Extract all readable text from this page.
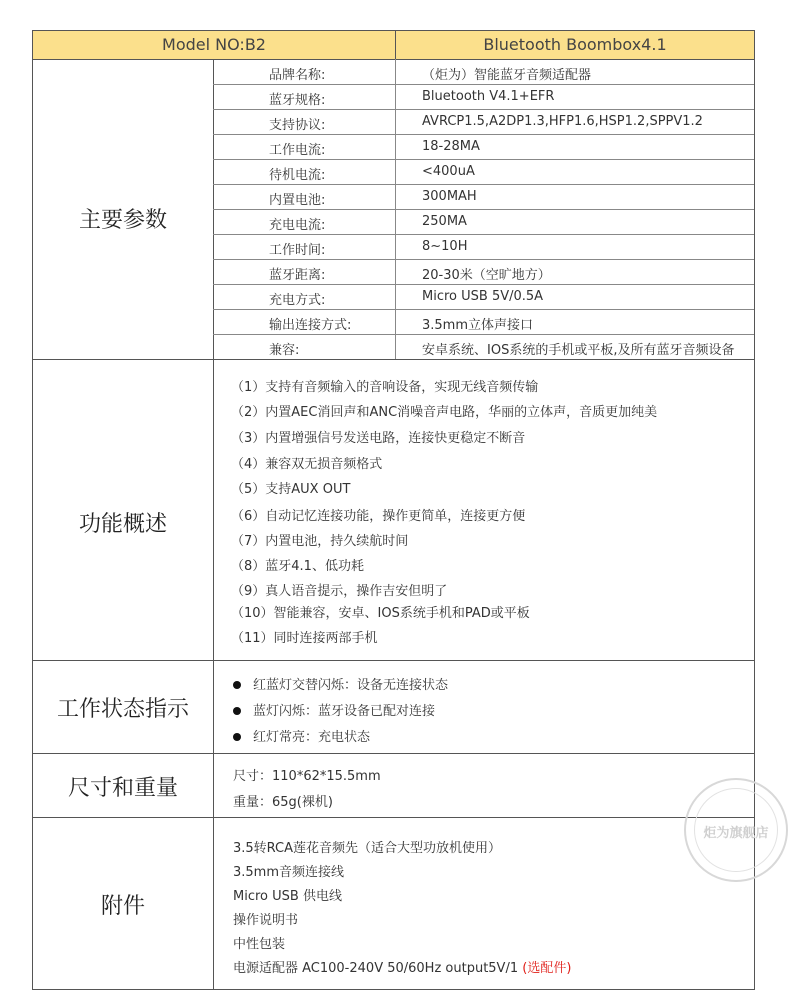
Model NO:B2	Bluetooth Boombox4.1
主要参数
品牌名称:	（炬为）智能蓝牙音频适配器
蓝牙规格:	Bluetooth V4.1+EFR
支持协议:	AVRCP1.5,A2DP1.3,HFP1.6,HSP1.2,SPPV1.2
工作电流:	18-28MA
待机电流:	<400uA
内置电池:	300MAH
充电电流:	250MA
工作时间:	8~10H
蓝牙距离:	20-30米（空旷地方）
充电方式:	Micro USB 5V/0.5A
输出连接方式:	3.5mm立体声接口
兼容:	安卓系统、IOS系统的手机或平板,及所有蓝牙音频设备
功能概述
（1）支持有音频输入的音响设备，实现无线音频传输
（2）内置AEC消回声和ANC消噪音声电路，华丽的立体声，音质更加纯美
（3）内置增强信号发送电路，连接快更稳定不断音
（4）兼容双无损音频格式
（5）支持AUX OUT
（6）自动记忆连接功能，操作更简单，连接更方便
（7）内置电池，持久续航时间
（8）蓝牙4.1、低功耗
（9）真人语音提示，操作吉安但明了
（10）智能兼容，安卓、IOS系统手机和PAD或平板
（11）同时连接两部手机
工作状态指示
红蓝灯交替闪烁：设备无连接状态
蓝灯闪烁：蓝牙设备已配对连接
红灯常亮：充电状态
尺寸和重量	尺寸：110*62*15.5mm
重量：65g(裸机)
附件
3.5转RCA莲花音频先（适合大型功放机使用）
3.5mm音频连接线
Micro USB 供电线
操作说明书
中性包装
电源适配器 AC100-240V 50/60Hz output5V/1 (选配件)
炬为旗舰店
